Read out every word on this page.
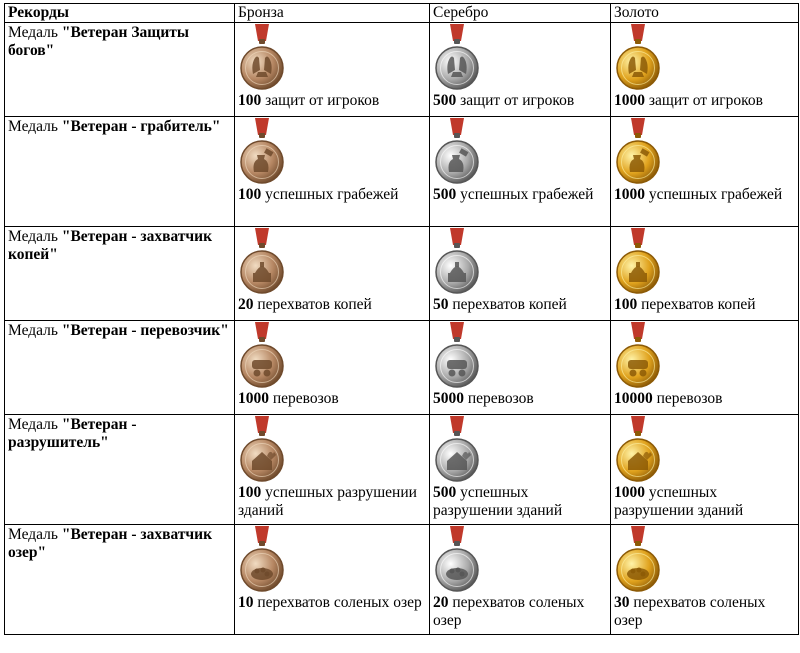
Рекорды	Бронза	Серебро	Золото

Медаль "Ветеран Защиты богов"	100 защит от игроков	500 защит от игроков	1000 защит от игроков

Медаль "Ветеран - грабитель"	100 успешных грабежей	500 успешных грабежей	1000 успешных грабежей

Медаль "Ветеран - захватчик копей"	20 перехватов копей	50 перехватов копей	100 перехватов копей

Медаль "Ветеран - перевозчик"	1000 перевозов	5000 перевозов	10000 перевозов

Медаль "Ветеран - разрушитель"	100 успешных разрушении зданий	500 успешных разрушении зданий	1000 успешных разрушении зданий

Медаль "Ветеран - захватчик озер"	10 перехватов соленых озер	20 перехватов соленых озер	30 перехватов соленых озер
